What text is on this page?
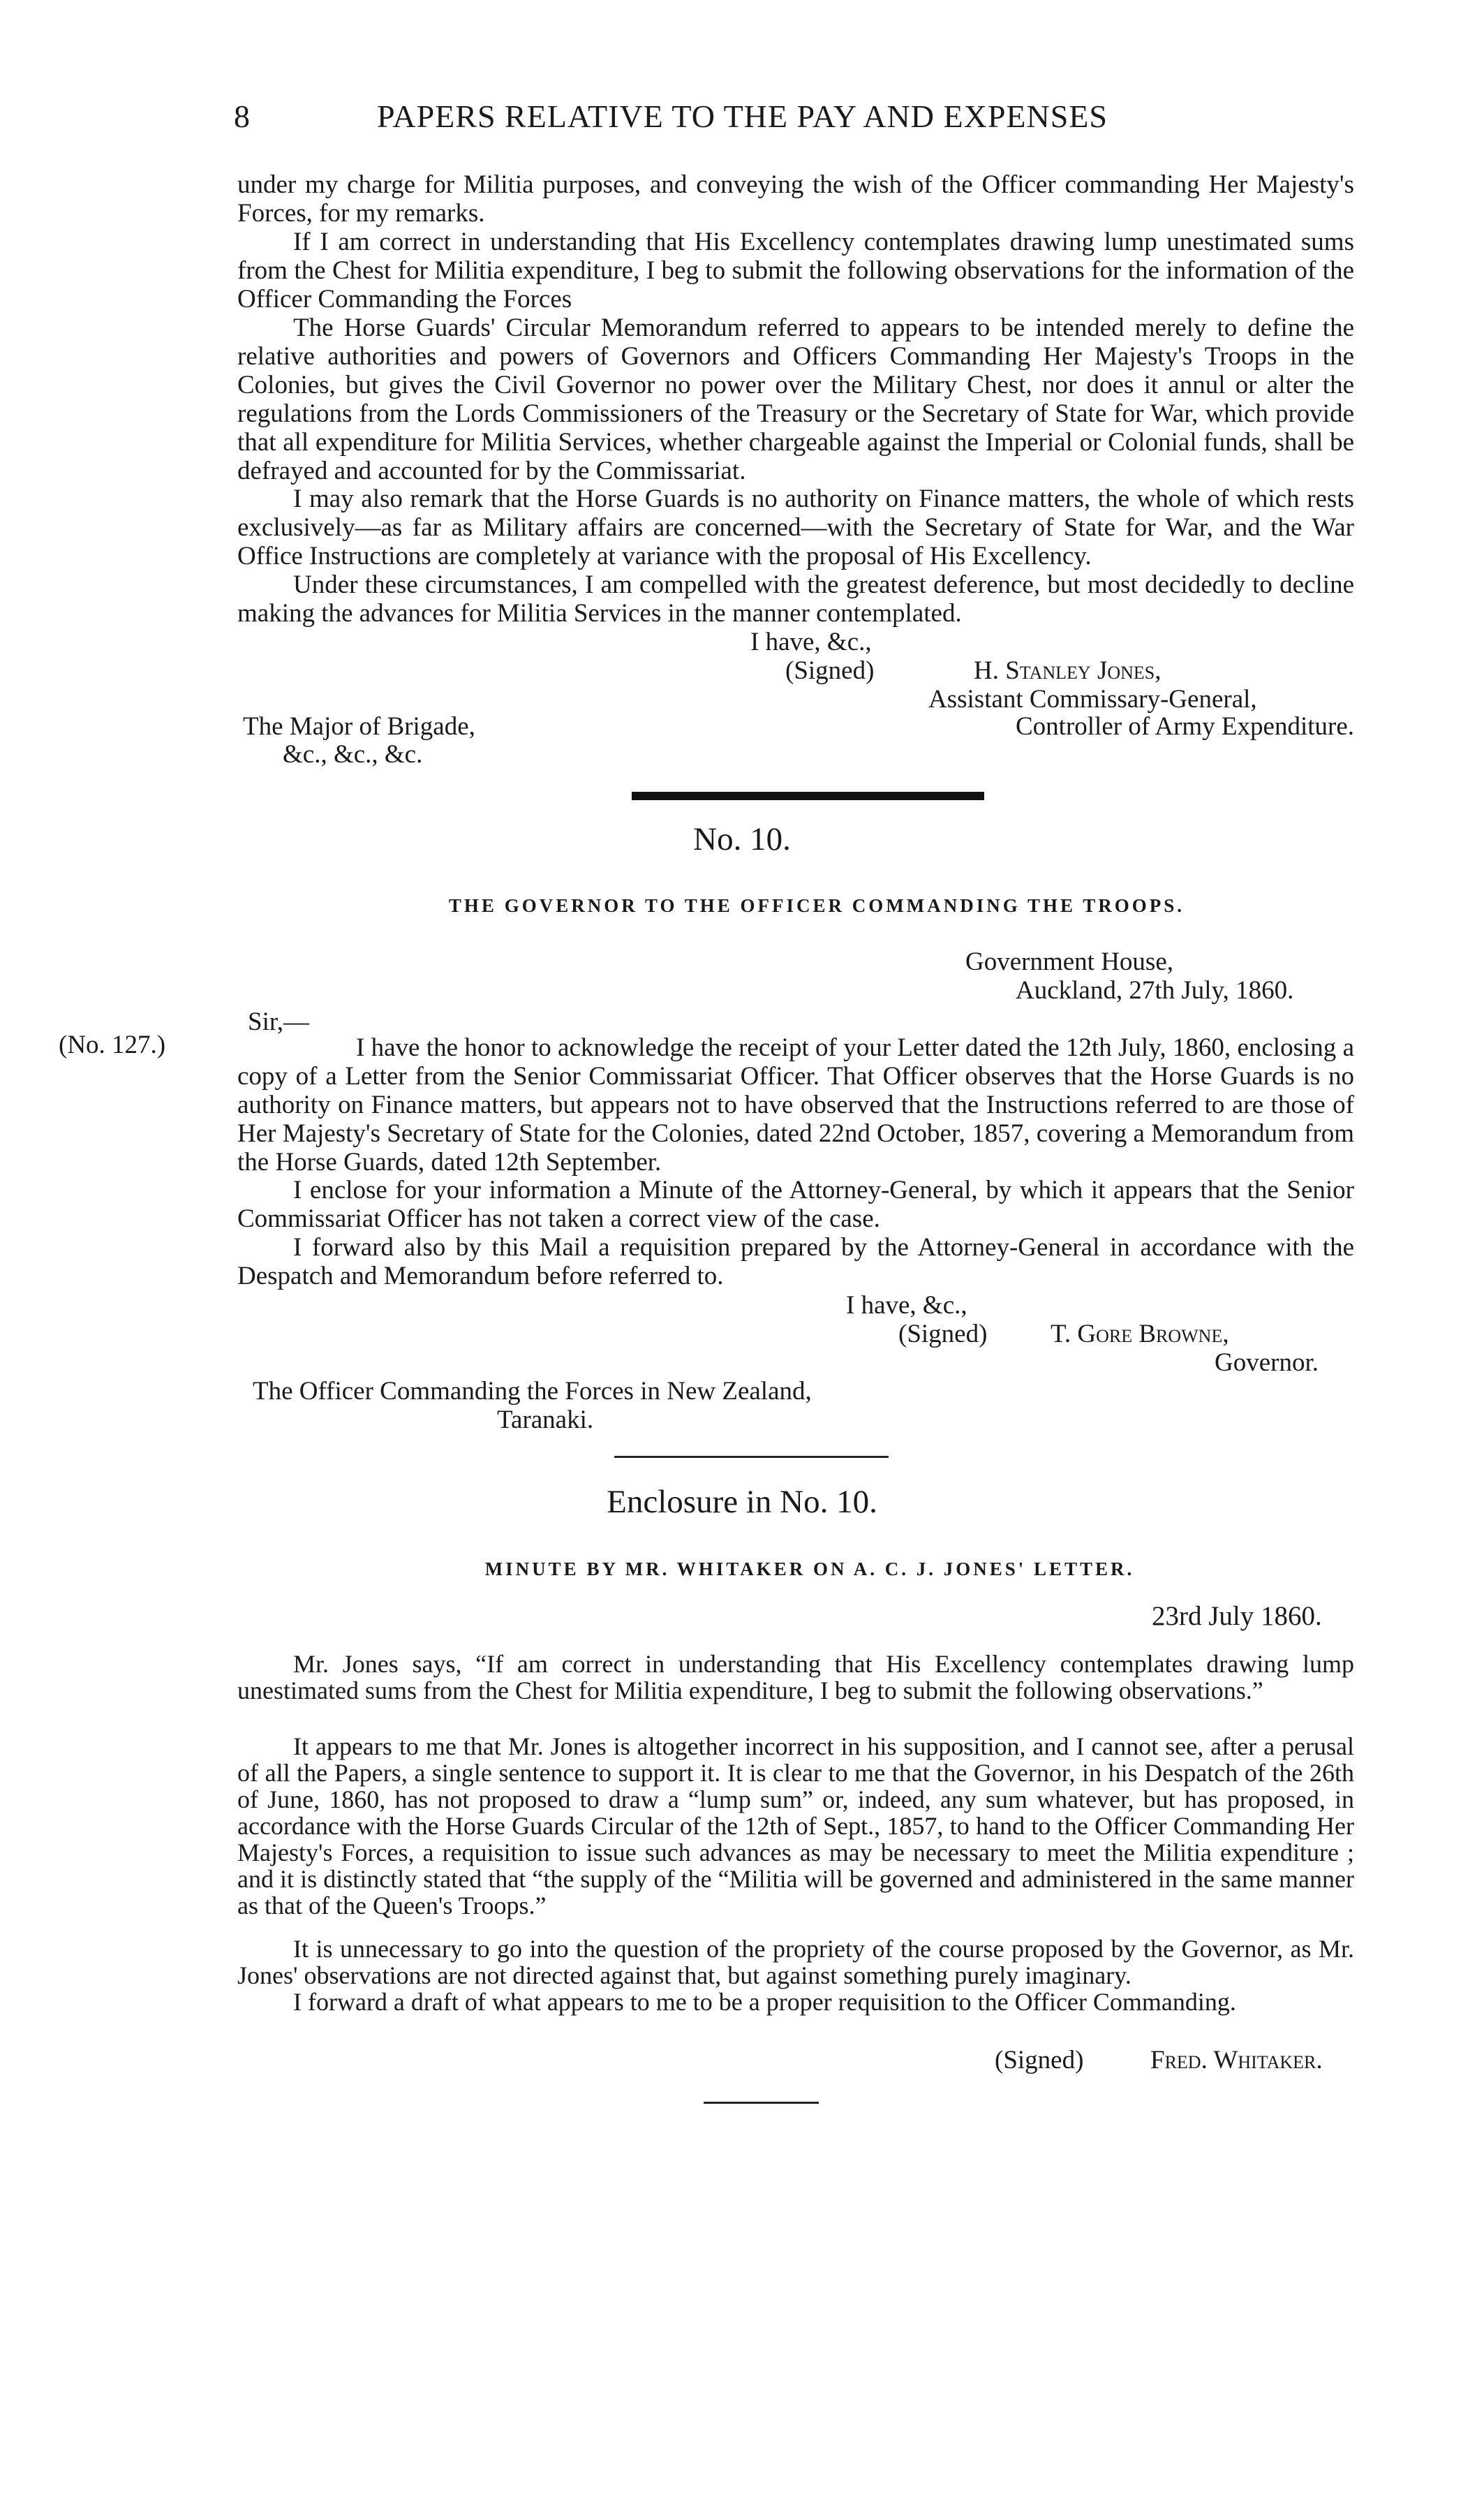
8	PAPERS RELATIVE TO THE PAY AND EXPENSES
under my charge for Militia purposes, and conveying the wish of the Officer commanding Her Majesty's Forces, for my remarks.
If I am correct in understanding that His Excellency contemplates drawing lump unestimated sums from the Chest for Militia expenditure, I beg to submit the following observations for the information of the Officer Commanding the Forces
The Horse Guards' Circular Memorandum referred to appears to be intended merely to define the relative authorities and powers of Governors and Officers Commanding Her Majesty's Troops in the Colonies, but gives the Civil Governor no power over the Military Chest, nor does it annul or alter the regulations from the Lords Commissioners of the Treasury or the Secretary of State for War, which provide that all expenditure for Militia Services, whether chargeable against the Imperial or Colonial funds, shall be defrayed and accounted for by the Commissariat.
I may also remark that the Horse Guards is no authority on Finance matters, the whole of which rests exclusively—as far as Military affairs are concerned—with the Secretary of State for War, and the War Office Instructions are completely at variance with the proposal of His Excellency.
Under these circumstances, I am compelled with the greatest deference, but most decidedly to decline making the advances for Militia Services in the manner contemplated.
I have, &c.,
(Signed)	H. Stanley Jones,
Assistant Commissary-General,
The Major of Brigade,	Controller of Army Expenditure.
&c., &c., &c.
No. 10.
THE GOVERNOR TO THE OFFICER COMMANDING THE TROOPS.
Government House,
Auckland, 27th July, 1860.
Sir,—
(No. 127.)	I have the honor to acknowledge the receipt of your Letter dated the 12th July, 1860, enclosing a copy of a Letter from the Senior Commissariat Officer. That Officer observes that the Horse Guards is no authority on Finance matters, but appears not to have observed that the Instructions referred to are those of Her Majesty's Secretary of State for the Colonies, dated 22nd October, 1857, covering a Memorandum from the Horse Guards, dated 12th September.
I enclose for your information a Minute of the Attorney-General, by which it appears that the Senior Commissariat Officer has not taken a correct view of the case.
I forward also by this Mail a requisition prepared by the Attorney-General in accordance with the Despatch and Memorandum before referred to.
I have, &c.,
(Signed) T. Gore Browne,
Governor.
The Officer Commanding the Forces in New Zealand,
Taranaki.
Enclosure in No. 10.
MINUTE BY MR. WHITAKER ON A. C. J. JONES' LETTER.
23rd July 1860.
Mr. Jones says, “If am correct in understanding that His Excellency contemplates drawing lump unestimated sums from the Chest for Militia expenditure, I beg to submit the following observations.”
It appears to me that Mr. Jones is altogether incorrect in his supposition, and I cannot see, after a perusal of all the Papers, a single sentence to support it. It is clear to me that the Governor, in his Despatch of the 26th of June, 1860, has not proposed to draw a “lump sum” or, indeed, any sum whatever, but has proposed, in accordance with the Horse Guards Circular of the 12th of Sept., 1857, to hand to the Officer Commanding Her Majesty's Forces, a requisition to issue such advances as may be necessary to meet the Militia expenditure ; and it is distinctly stated that “the supply of the “Militia will be governed and administered in the same manner as that of the Queen's Troops.”
It is unnecessary to go into the question of the propriety of the course proposed by the Governor, as Mr. Jones' observations are not directed against that, but against something purely imaginary.
I forward a draft of what appears to me to be a proper requisition to the Officer Commanding.
(Signed)	Fred. Whitaker.
